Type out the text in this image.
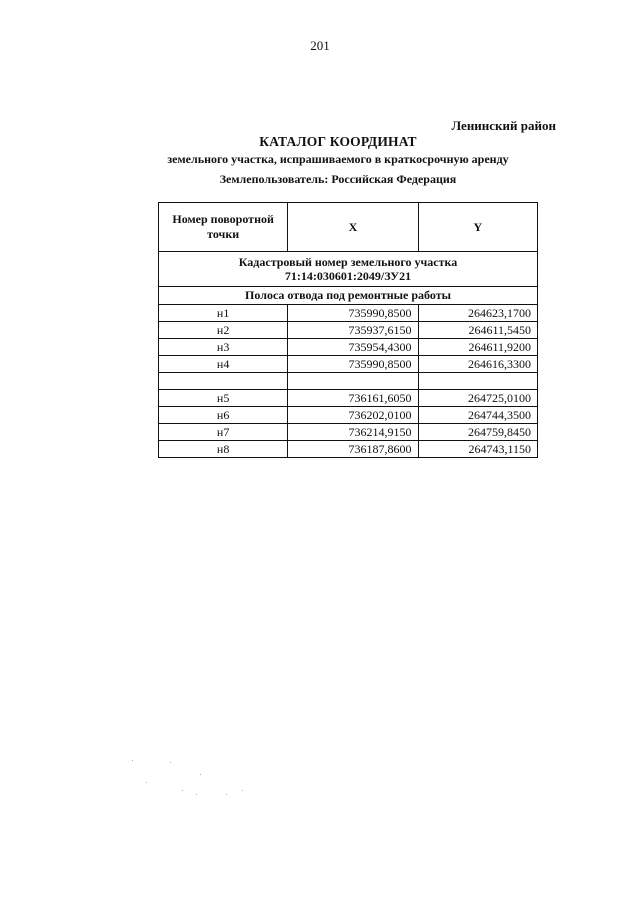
201
Ленинский район
КАТАЛОГ КООРДИНАТ
земельного участка, испрашиваемого в краткосрочную аренду
Землепользователь: Российская Федерация
Номер поворотной точки	X	Y
Кадастровый номер земельного участка
71:14:030601:2049/ЗУ21		
Полоса отвода под ремонтные работы		
н1	735990,8500	264623,1700
н2	735937,6150	264611,5450
н3	735954,4300	264611,9200
н4	735990,8500	264616,3300

н5	736161,6050	264725,0100
н6	736202,0100	264744,3500
н7	736214,9150	264759,8450
н8	736187,8600	264743,1150
